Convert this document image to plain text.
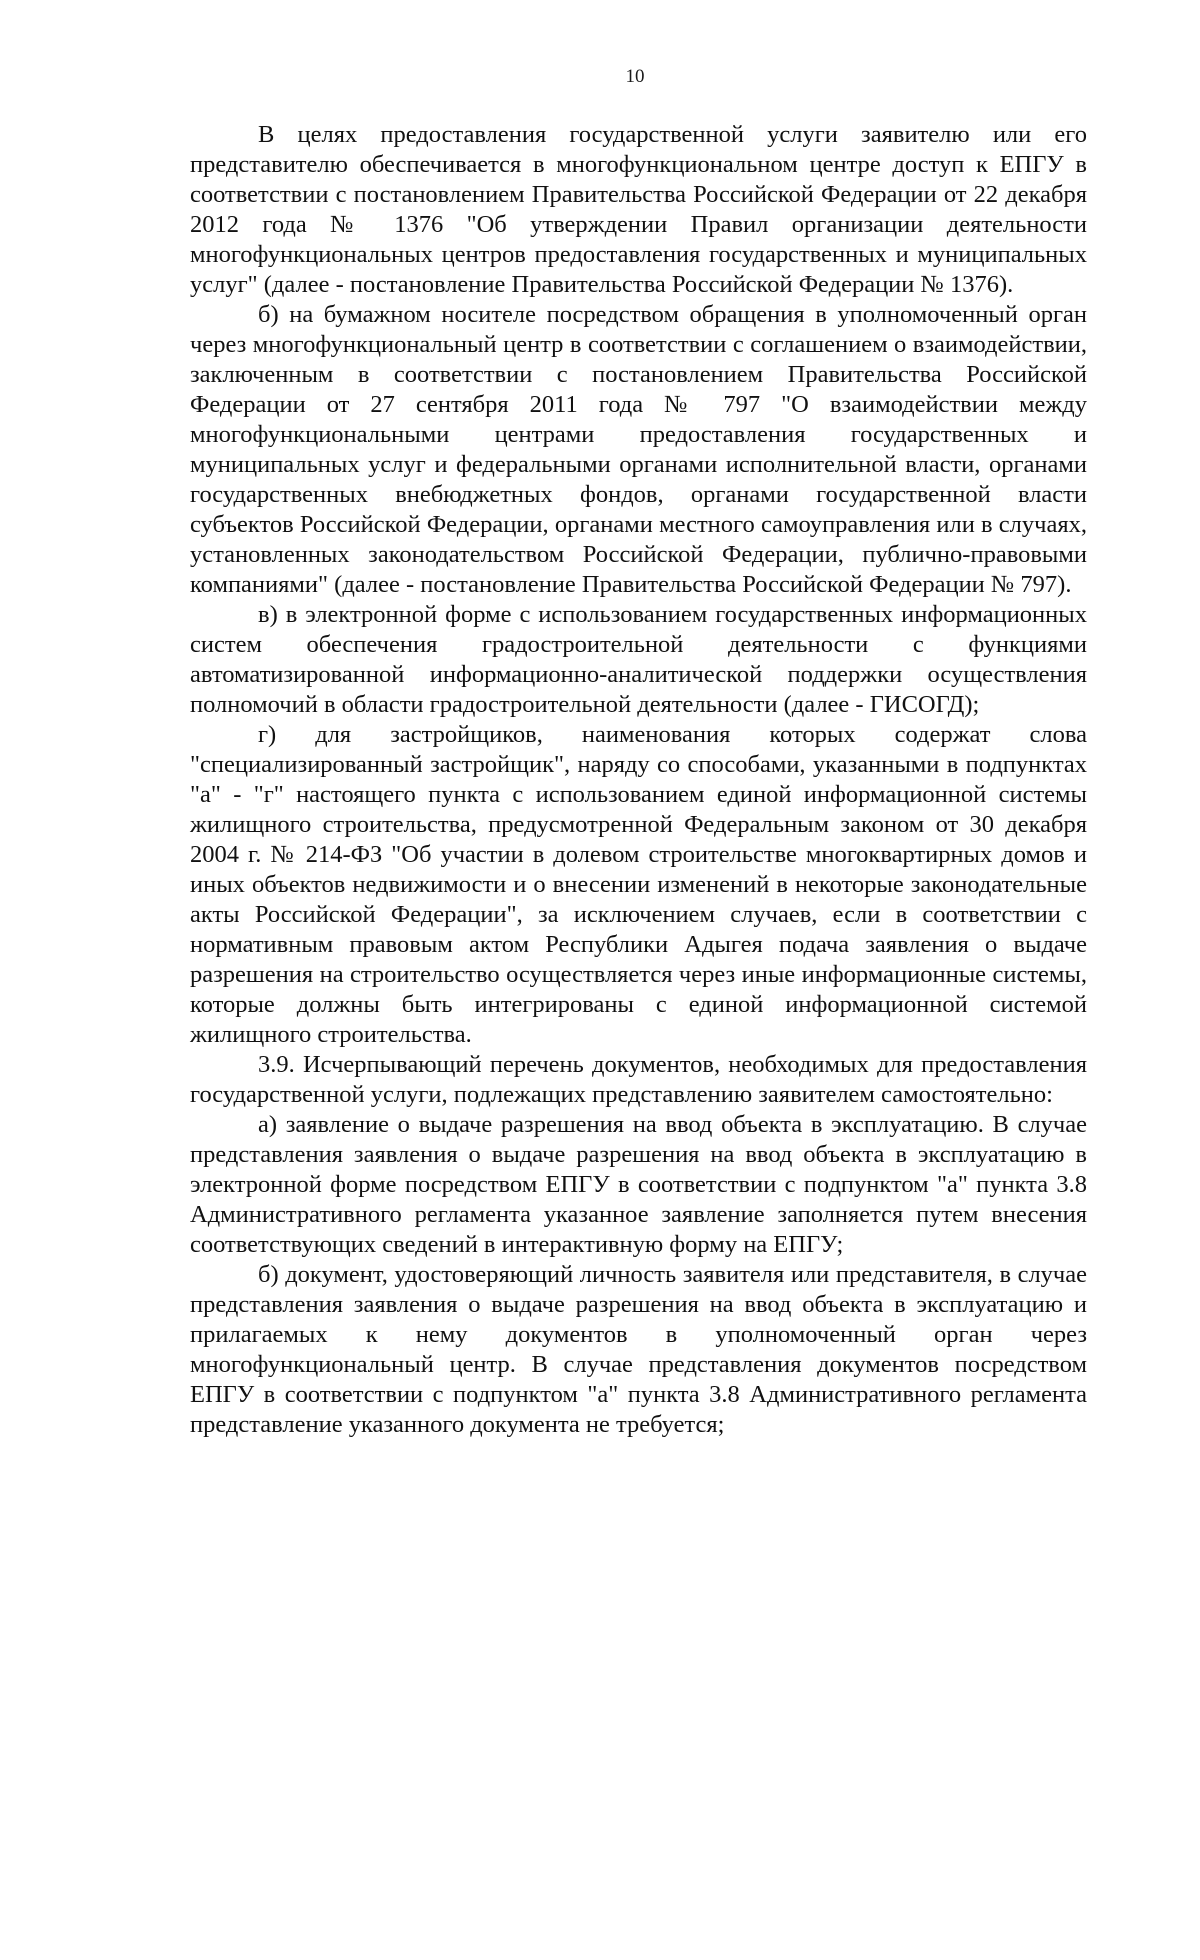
10

В целях предоставления государственной услуги заявителю или его представителю обеспечивается в многофункциональном центре доступ к ЕПГУ в соответствии с постановлением Правительства Российской Федерации от 22 декабря 2012 года № 1376 "Об утверждении Правил организации деятельности многофункциональных центров предоставления государственных и муниципальных услуг" (далее - постановление Правительства Российской Федерации № 1376).

б) на бумажном носителе посредством обращения в уполномоченный орган через многофункциональный центр в соответствии с соглашением о взаимодействии, заключенным в соответствии с постановлением Правительства Российской Федерации от 27 сентября 2011 года № 797 "О взаимодействии между многофункциональными центрами предоставления государственных и муниципальных услуг и федеральными органами исполнительной власти, органами государственных внебюджетных фондов, органами государственной власти субъектов Российской Федерации, органами местного самоуправления или в случаях, установленных законодательством Российской Федерации, публично-правовыми компаниями" (далее - постановление Правительства Российской Федерации № 797).

в) в электронной форме с использованием государственных информационных систем обеспечения градостроительной деятельности с функциями автоматизированной информационно-аналитической поддержки осуществления полномочий в области градостроительной деятельности (далее - ГИСОГД);

г) для застройщиков, наименования которых содержат слова "специализированный застройщик", наряду со способами, указанными в подпунктах "а" - "г" настоящего пункта с использованием единой информационной системы жилищного строительства, предусмотренной Федеральным законом от 30 декабря 2004 г. № 214-ФЗ "Об участии в долевом строительстве многоквартирных домов и иных объектов недвижимости и о внесении изменений в некоторые законодательные акты Российской Федерации", за исключением случаев, если в соответствии с нормативным правовым актом Республики Адыгея подача заявления о выдаче разрешения на строительство осуществляется через иные информационные системы, которые должны быть интегрированы с единой информационной системой жилищного строительства.

3.9. Исчерпывающий перечень документов, необходимых для предоставления государственной услуги, подлежащих представлению заявителем самостоятельно:

а) заявление о выдаче разрешения на ввод объекта в эксплуатацию. В случае представления заявления о выдаче разрешения на ввод объекта в эксплуатацию в электронной форме посредством ЕПГУ в соответствии с подпунктом "а" пункта 3.8 Административного регламента указанное заявление заполняется путем внесения соответствующих сведений в интерактивную форму на ЕПГУ;

б) документ, удостоверяющий личность заявителя или представителя, в случае представления заявления о выдаче разрешения на ввод объекта в эксплуатацию и прилагаемых к нему документов в уполномоченный орган через многофункциональный центр. В случае представления документов посредством ЕПГУ в соответствии с подпунктом "а" пункта 3.8 Административного регламента представление указанного документа не требуется;
